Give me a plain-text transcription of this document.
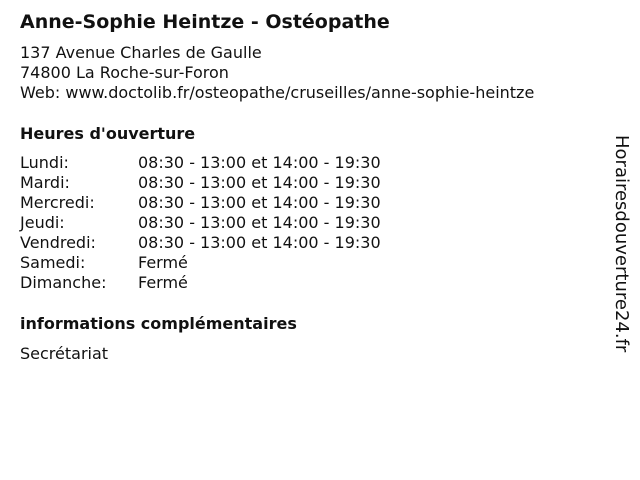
Anne-Sophie Heintze - Ostéopathe
137 Avenue Charles de Gaulle
74800 La Roche-sur-Foron
Web: www.doctolib.fr/osteopathe/cruseilles/anne-sophie-heintze
Heures d'ouverture
Lundi:	08:30 - 13:00 et 14:00 - 19:30
Mardi:	08:30 - 13:00 et 14:00 - 19:30
Mercredi:	08:30 - 13:00 et 14:00 - 19:30
Jeudi:	08:30 - 13:00 et 14:00 - 19:30
Vendredi:	08:30 - 13:00 et 14:00 - 19:30
Samedi:	Fermé
Dimanche: Fermé
informations complémentaires
Secrétariat
Horairesdouverture24.fr
